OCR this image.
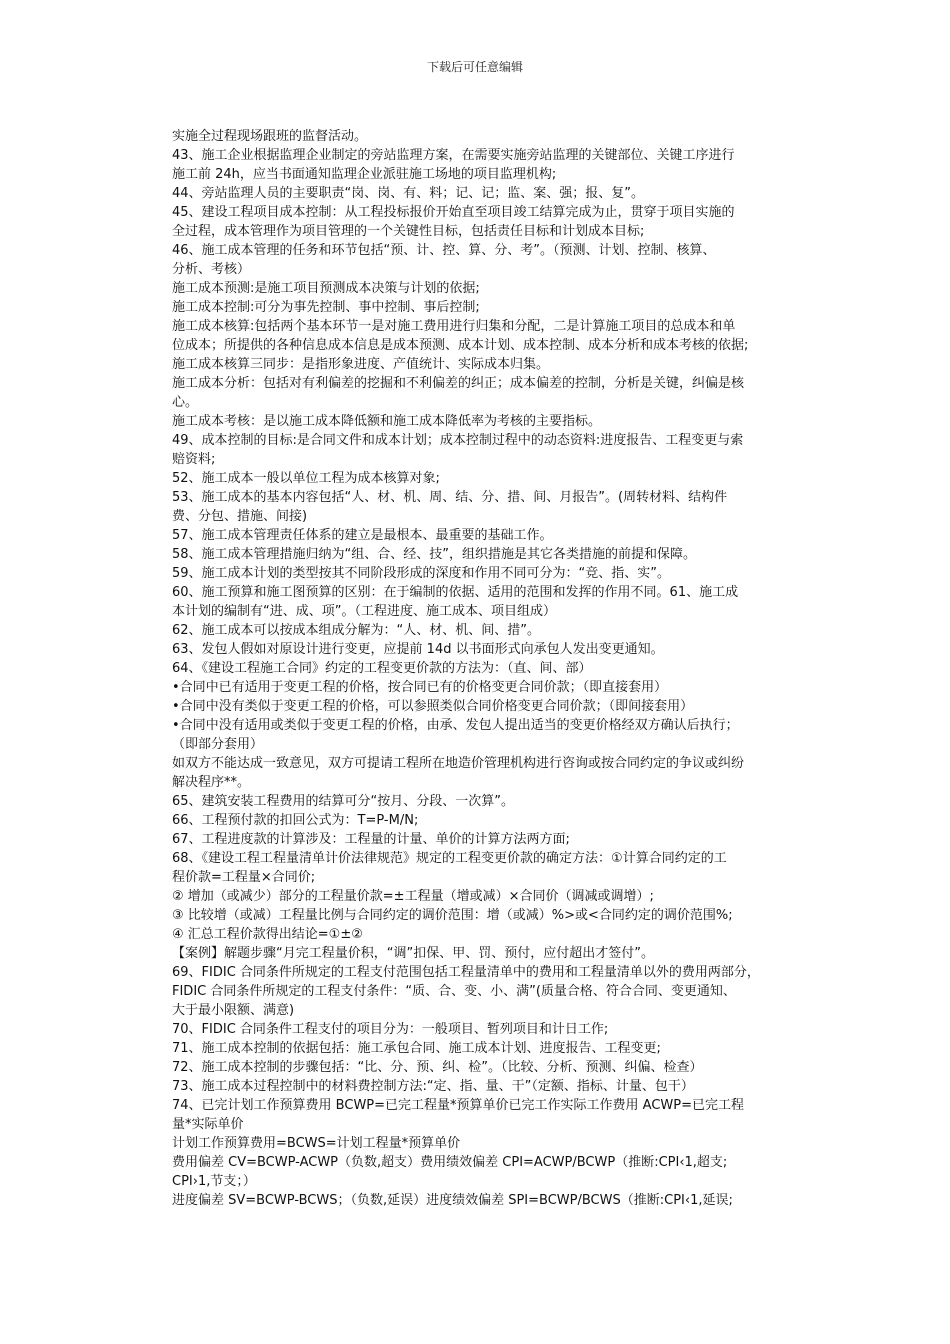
下载后可任意编辑

实施全过程现场跟班的监督活动。

43、施工企业根据监理企业制定的旁站监理方案，在需要实施旁站监理的关键部位、关键工序进行

施工前 24h，应当书面通知监理企业派驻施工场地的项目监理机构;

44、旁站监理人员的主要职责“岗、岗、有、料；记、记；监、案、强；报、复”。

45、建设工程项目成本控制：从工程投标报价开始直至项目竣工结算完成为止，贯穿于项目实施的

全过程，成本管理作为项目管理的一个关键性目标，包括责任目标和计划成本目标;

46、施工成本管理的任务和环节包括“预、计、控、算、分、考”。（预测、计划、控制、核算、

分析、考核）

施工成本预测:是施工项目预测成本决策与计划的依据;

施工成本控制:可分为事先控制、事中控制、事后控制;

施工成本核算:包括两个基本环节一是对施工费用进行归集和分配，二是计算施工项目的总成本和单

位成本；所提供的各种信息成本信息是成本预测、成本计划、成本控制、成本分析和成本考核的依据;

施工成本核算三同步：是指形象进度、产值统计、实际成本归集。

施工成本分析：包括对有利偏差的挖掘和不利偏差的纠正；成本偏差的控制，分析是关键，纠偏是核

心。

施工成本考核：是以施工成本降低额和施工成本降低率为考核的主要指标。

49、成本控制的目标:是合同文件和成本计划；成本控制过程中的动态资料:进度报告、工程变更与索

赔资料;

52、施工成本一般以单位工程为成本核算对象;

53、施工成本的基本内容包括“人、材、机、周、结、分、措、间、月报告”。(周转材料、结构件

费、分包、措施、间接)

57、施工成本管理责任体系的建立是最根本、最重要的基础工作。

58、施工成本管理措施归纳为“组、合、经、技”，组织措施是其它各类措施的前提和保障。

59、施工成本计划的类型按其不同阶段形成的深度和作用不同可分为：“竞、指、实”。

60、施工预算和施工图预算的区别：在于编制的依据、适用的范围和发挥的作用不同。61、施工成

本计划的编制有“进、成、项”。（工程进度、施工成本、项目组成）

62、施工成本可以按成本组成分解为：“人、材、机、间、措”。

63、发包人假如对原设计进行变更，应提前 14d 以书面形式向承包人发出变更通知。

64、《建设工程施工合同》约定的工程变更价款的方法为：（直、间、部）

•合同中已有适用于变更工程的价格，按合同已有的价格变更合同价款；（即直接套用）

•合同中没有类似于变更工程的价格，可以参照类似合同价格变更合同价款；（即间接套用）

•合同中没有适用或类似于变更工程的价格，由承、发包人提出适当的变更价格经双方确认后执行；

（即部分套用）

如双方不能达成一致意见，双方可提请工程所在地造价管理机构进行咨询或按合同约定的争议或纠纷

解决程序**。

65、建筑安装工程费用的结算可分“按月、分段、一次算”。

66、工程预付款的扣回公式为：T=P-M/N;

67、工程进度款的计算涉及：工程量的计量、单价的计算方法两方面;

68、《建设工程工程量清单计价法律规范》规定的工程变更价款的确定方法：①计算合同约定的工

程价款=工程量×合同价;

② 增加（或减少）部分的工程量价款=±工程量（增或减）×合同价（调减或调增）;

③ 比较增（或减）工程量比例与合同约定的调价范围：增（或减）%>或<合同约定的调价范围%;

④ 汇总工程价款得出结论=①±②

【案例】解题步骤“月完工程量价积，“调”扣保、甲、罚、预付，应付超出才签付”。

69、FIDIC 合同条件所规定的工程支付范围包括工程量清单中的费用和工程量清单以外的费用两部分，

FIDIC 合同条件所规定的工程支付条件：“质、合、变、小、满”(质量合格、符合合同、变更通知、

大于最小限额、满意)

70、FIDIC 合同条件工程支付的项目分为：一般项目、暂列项目和计日工作;

71、施工成本控制的依据包括：施工承包合同、施工成本计划、进度报告、工程变更;

72、施工成本控制的步骤包括：“比、分、预、纠、检”。（比较、分析、预测、纠偏、检查）

73、施工成本过程控制中的材料费控制方法:“定、指、量、干”（定额、指标、计量、包干）

74、已完计划工作预算费用 BCWP=已完工程量*预算单价已完工作实际工作费用 ACWP=已完工程

量*实际单价

计划工作预算费用=BCWS=计划工程量*预算单价

费用偏差 CV=BCWP-ACWP（负数,超支）费用绩效偏差 CPI=ACWP/BCWP（推断:CPI‹1,超支;

CPI›1,节支；）

进度偏差 SV=BCWP-BCWS；（负数,延误）进度绩效偏差 SPI=BCWP/BCWS（推断:CPI‹1,延误;
